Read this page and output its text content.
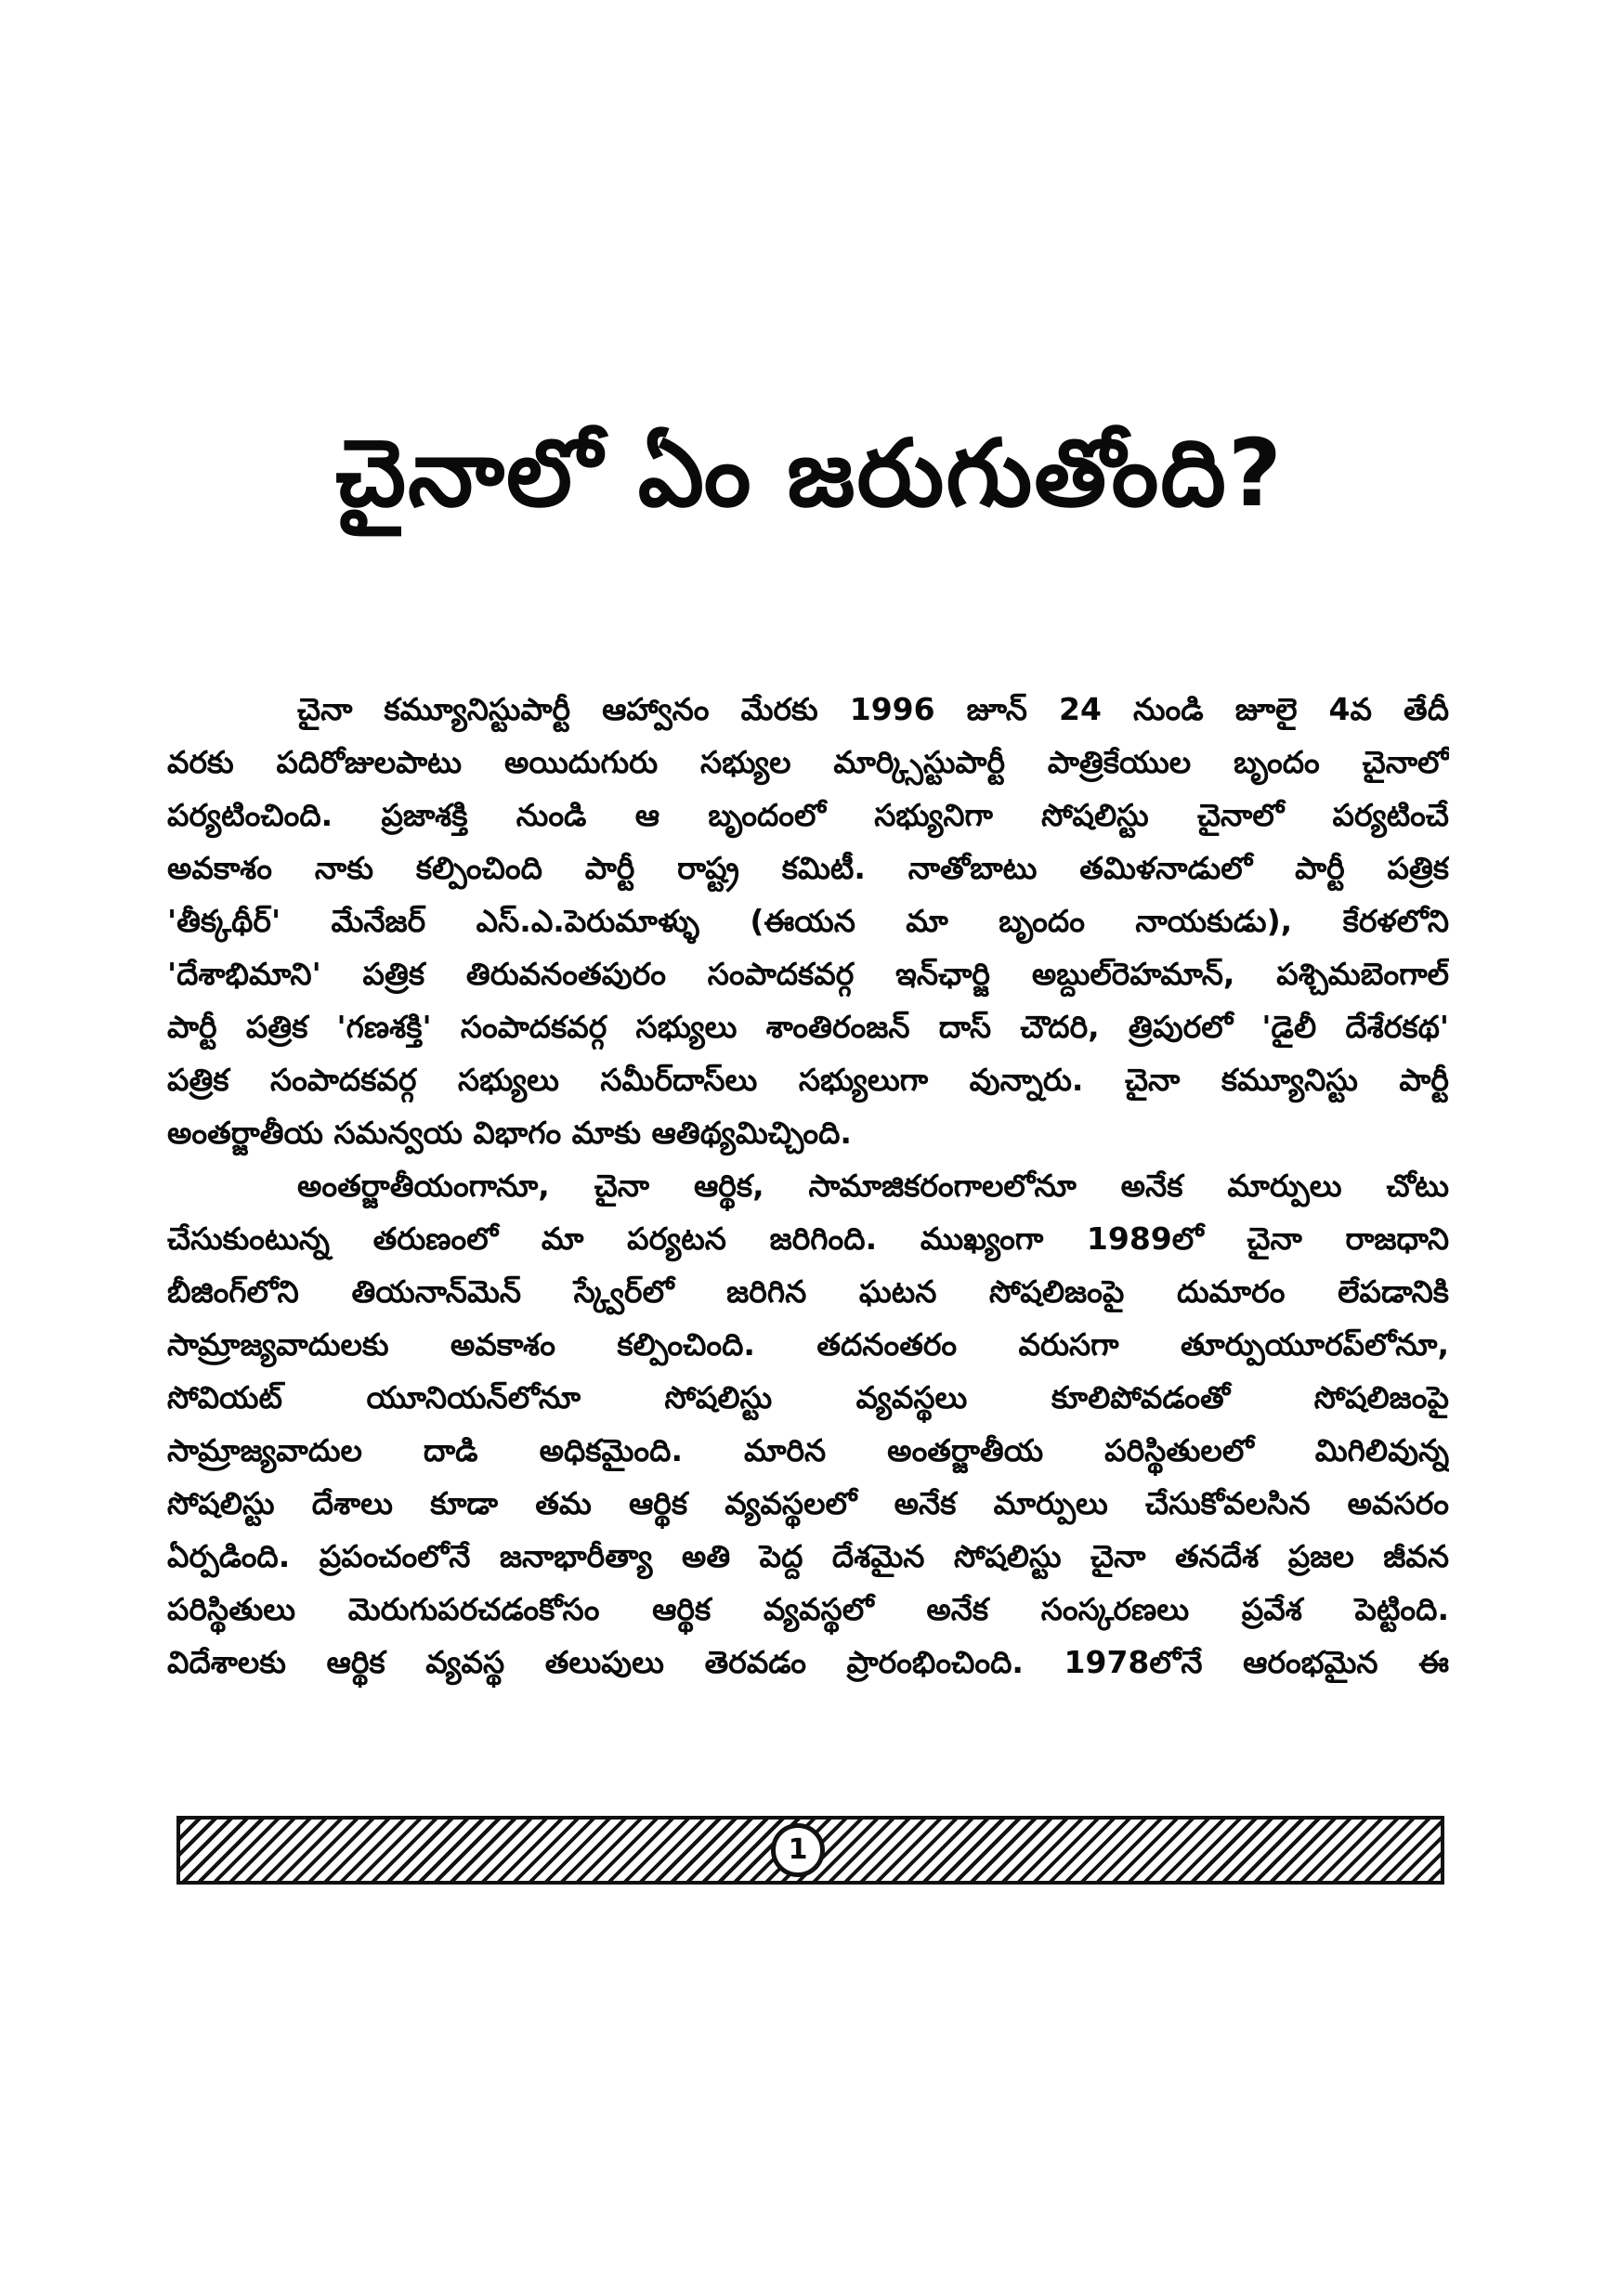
చైనాలో ఏం జరుగుతోంది?
చైనా కమ్యూనిస్టుపార్టీ ఆహ్వానం మేరకు 1996 జూన్ 24 నుండి జూలై 4వ తేదీ
వరకు పదిరోజులపాటు అయిదుగురు సభ్యుల మార్క్సిస్టుపార్టీ పాత్రికేయుల బృందం చైనాలో
పర్యటించింది. ప్రజాశక్తి నుండి ఆ బృందంలో సభ్యునిగా సోషలిస్టు చైనాలో పర్యటించే
అవకాశం నాకు కల్పించింది పార్టీ రాష్ట్ర కమిటీ. నాతోబాటు తమిళనాడులో పార్టీ పత్రిక
'తీక్కథీర్' మేనేజర్ ఎస్.ఎ.పెరుమాళ్ళు (ఈయన మా బృందం నాయకుడు), కేరళలోని
'దేశాభిమాని' పత్రిక తిరువనంతపురం సంపాదకవర్గ ఇన్‌ఛార్జి అబ్దుల్‌రెహమాన్, పశ్చిమబెంగాల్
పార్టీ పత్రిక 'గణశక్తి' సంపాదకవర్గ సభ్యులు శాంతిరంజన్ దాస్ చౌదరి, త్రిపురలో 'డైలీ దేశేరకథ'
పత్రిక సంపాదకవర్గ సభ్యులు సమీర్‌దాస్‌లు సభ్యులుగా వున్నారు. చైనా కమ్యూనిస్టు పార్టీ
అంతర్జాతీయ సమన్వయ విభాగం మాకు ఆతిథ్యమిచ్చింది.
అంతర్జాతీయంగానూ, చైనా ఆర్థిక, సామాజికరంగాలలోనూ అనేక మార్పులు చోటు
చేసుకుంటున్న తరుణంలో మా పర్యటన జరిగింది. ముఖ్యంగా 1989లో చైనా రాజధాని
బీజింగ్‌లోని తియనాన్‌మెన్ స్క్వేర్‌లో జరిగిన ఘటన సోషలిజంపై దుమారం లేపడానికి
సామ్రాజ్యవాదులకు అవకాశం కల్పించింది. తదనంతరం వరుసగా తూర్పుయూరప్‌లోనూ,
సోవియట్ యూనియన్‌లోనూ సోషలిస్టు వ్యవస్థలు కూలిపోవడంతో సోషలిజంపై
సామ్రాజ్యవాదుల దాడి అధికమైంది. మారిన అంతర్జాతీయ పరిస్థితులలో మిగిలివున్న
సోషలిస్టు దేశాలు కూడా తమ ఆర్థిక వ్యవస్థలలో అనేక మార్పులు చేసుకోవలసిన అవసరం
ఏర్పడింది. ప్రపంచంలోనే జనాభారీత్యా అతి పెద్ద దేశమైన సోషలిస్టు చైనా తనదేశ ప్రజల జీవన
పరిస్థితులు మెరుగుపరచడంకోసం ఆర్థిక వ్యవస్థలో అనేక సంస్కరణలు ప్రవేశ పెట్టింది.
విదేశాలకు ఆర్థిక వ్యవస్థ తలుపులు తెరవడం ప్రారంభించింది. 1978లోనే ఆరంభమైన ఈ
1
